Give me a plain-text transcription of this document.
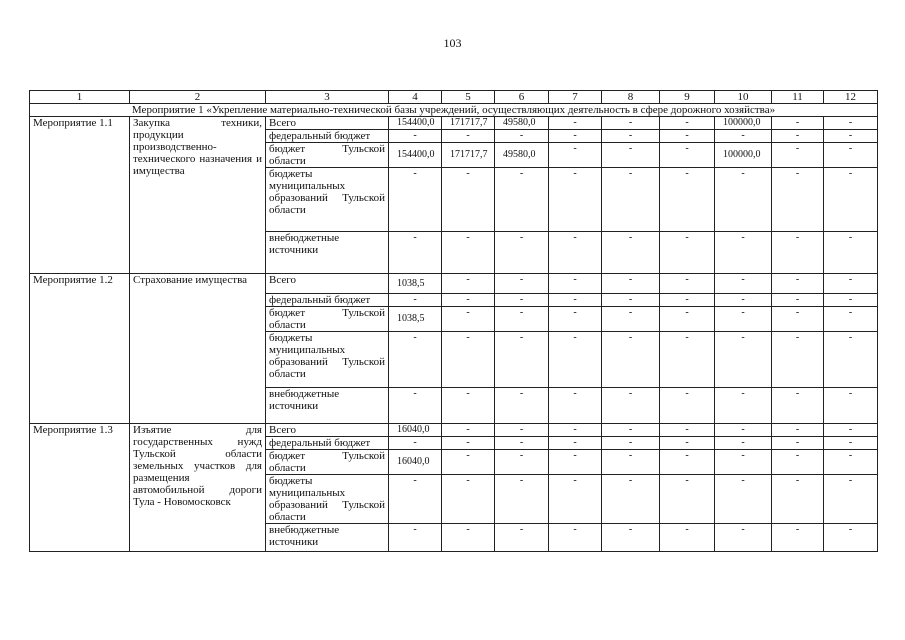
103
1	2	3	4	5	6	7	8	9	10	11	12
Мероприятие 1 «Укрепление материально-технической базы учреждений, осуществляющих деятельность в сфере дорожного хозяйства»											
Мероприятие 1.1	Закупка техники, продукции производственно-технического назначения и имущества	Всего	154400,0	171717,7	49580,0	-	-	-	100000,0	-	-
		федеральный бюджет	-	-	-	-	-	-	-	-	-
		бюджет Тульской области	154400,0	171717,7	49580,0	-	-	-	100000,0	-	-
		бюджеты муниципальных образований Тульской области	-	-	-	-	-	-	-	-	-
		внебюджетные источники	-	-	-	-	-	-	-	-	-
Мероприятие 1.2	Страхование имущества	Всего	1038,5	-	-	-	-	-	-	-	-
		федеральный бюджет	-	-	-	-	-	-	-	-	-
		бюджет Тульской области	1038,5	-	-	-	-	-	-	-	-
		бюджеты муниципальных образований Тульской области	-	-	-	-	-	-	-	-	-
		внебюджетные источники	-	-	-	-	-	-	-	-	-
Мероприятие 1.3	Изъятие для государственных нужд Тульской области земельных участков для размещения автомобильной дороги Тула - Новомосковск	Всего	16040,0	-	-	-	-	-	-	-	-
		федеральный бюджет	-	-	-	-	-	-	-	-	-
		бюджет Тульской области	16040,0	-	-	-	-	-	-	-	-
		бюджеты муниципальных образований Тульской области	-	-	-	-	-	-	-	-	-
		внебюджетные источники	-	-	-	-	-	-	-	-	-
